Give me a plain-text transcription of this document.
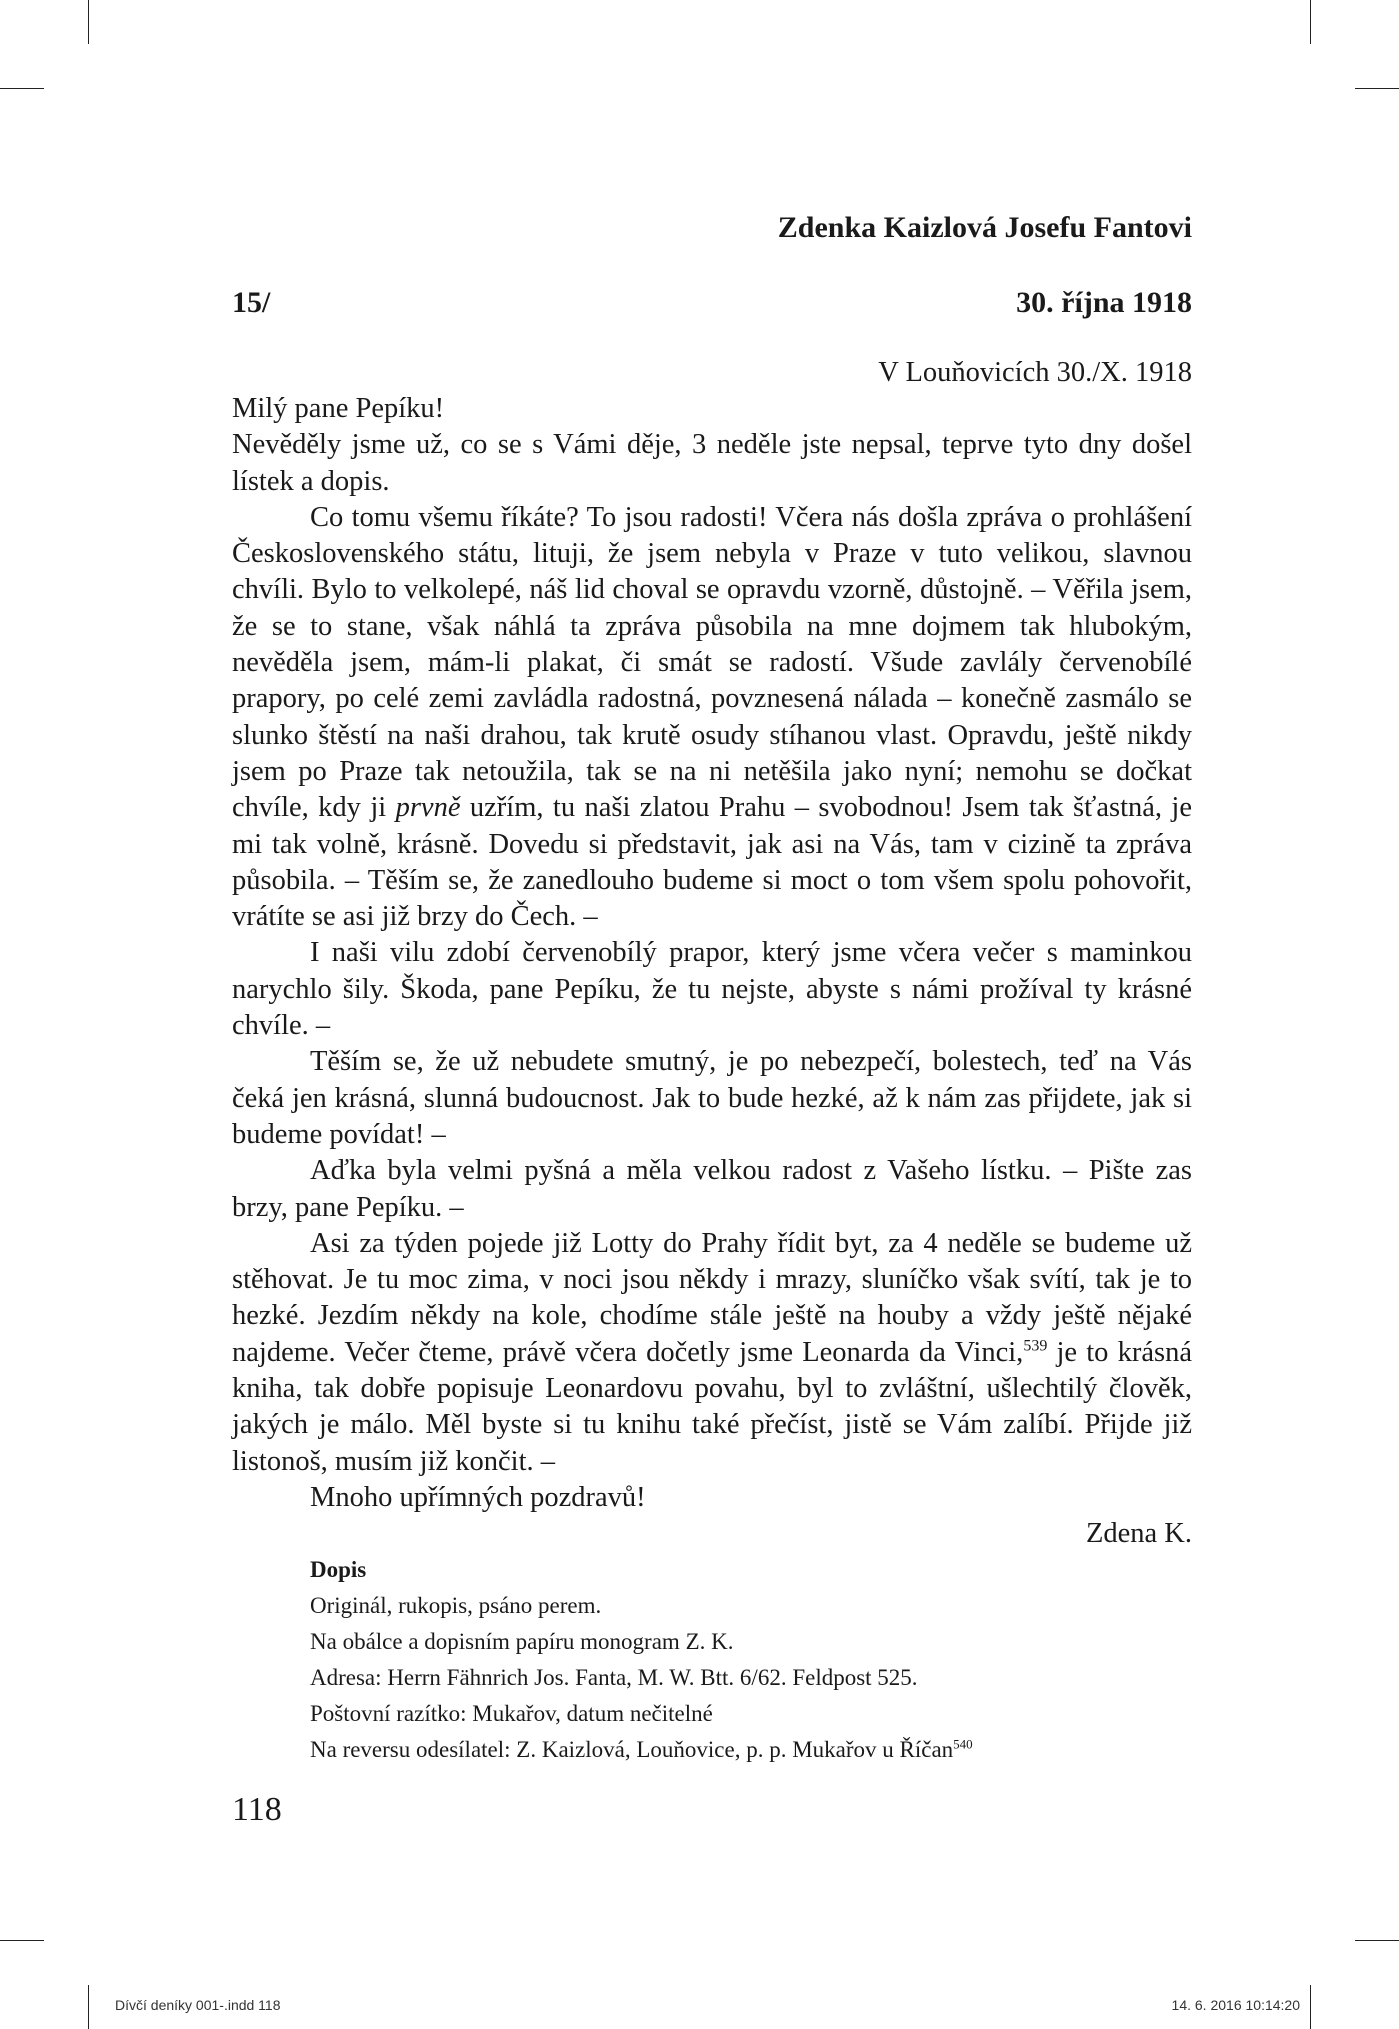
Zdenka Kaizlová Josefu Fantovi
15/	30. října 1918
V Louňovicích 30./X. 1918

Milý pane Pepíku!

Nevěděly jsme už, co se s Vámi děje, 3 neděle jste nepsal, teprve tyto dny došel lístek a dopis.

Co tomu všemu říkáte? To jsou radosti! Včera nás došla zpráva o prohlášení Československého státu, lituji, že jsem nebyla v Praze v tuto velikou, slavnou chvíli. Bylo to velkolepé, náš lid choval se opravdu vzorně, důstojně. – Věřila jsem, že se to stane, však náhlá ta zpráva působila na mne dojmem tak hlubokým, nevěděla jsem, mám-li plakat, či smát se radostí. Všude zavlály červenobílé prapory, po celé zemi zavládla radostná, povznesená nálada – konečně zasmálo se slunko štěstí na naši drahou, tak krutě osudy stíhanou vlast. Opravdu, ještě nikdy jsem po Praze tak netoužila, tak se na ni netěšila jako nyní; nemohu se dočkat chvíle, kdy ji prvně uzřím, tu naši zlatou Prahu – svobodnou! Jsem tak šťastná, je mi tak volně, krásně. Dovedu si představit, jak asi na Vás, tam v cizině ta zpráva působila. – Těším se, že zanedlouho budeme si moct o tom všem spolu pohovořit, vrátíte se asi již brzy do Čech. –

I naši vilu zdobí červenobílý prapor, který jsme včera večer s maminkou narychlo šily. Škoda, pane Pepíku, že tu nejste, abyste s námi prožíval ty krásné chvíle. –

Těším se, že už nebudete smutný, je po nebezpečí, bolestech, teď na Vás čeká jen krásná, slunná budoucnost. Jak to bude hezké, až k nám zas přijdete, jak si budeme povídat! –

Aďka byla velmi pyšná a měla velkou radost z Vašeho lístku. – Pište zas brzy, pane Pepíku. –

Asi za týden pojede již Lotty do Prahy řídit byt, za 4 neděle se budeme už stěhovat. Je tu moc zima, v noci jsou někdy i mrazy, sluníčko však svítí, tak je to hezké. Jezdím někdy na kole, chodíme stále ještě na houby a vždy ještě nějaké najdeme. Večer čteme, právě včera dočetly jsme Leonarda da Vinci,$^{539}$ je to krásná kniha, tak dobře popisuje Leonardovu povahu, byl to zvláštní, ušlechtilý člověk, jakých je málo. Měl byste si tu knihu také přečíst, jistě se Vám zalíbí. Přijde již listonoš, musím již končit. –

Mnoho upřímných pozdravů!

Zdena K.

Dopis

Originál, rukopis, psáno perem.

Na obálce a dopisním papíru monogram Z. K.

Adresa: Herrn Fähnrich Jos. Fanta, M. W. Btt. 6/62. Feldpost 525.

Poštovní razítko: Mukařov, datum nečitelné

Na reversu odesílatel: Z. Kaizlová, Louňovice, p. p. Mukařov u Říčan$^{540}$

118
Dívčí deníky 001-.indd 118	14. 6. 2016 10:14:20
